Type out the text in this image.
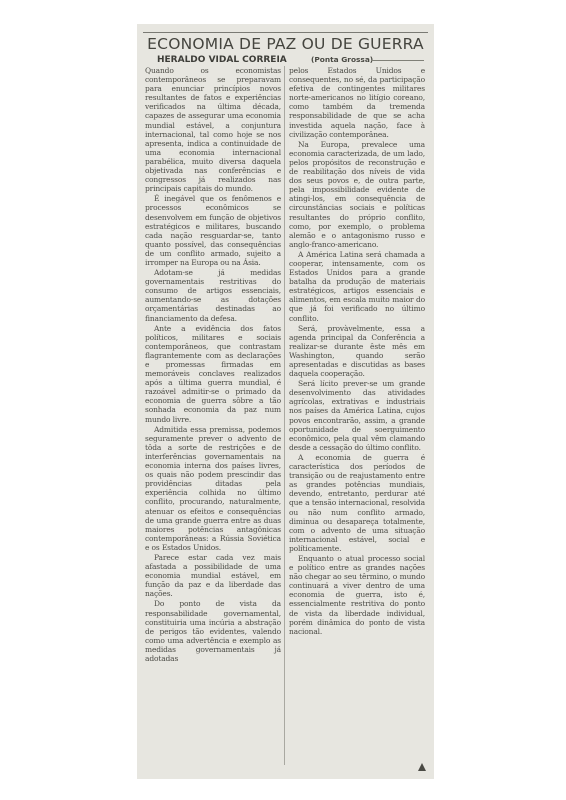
ECONOMIA DE PAZ OU DE GUERRA
HERALDO VIDAL CORREIA	(Ponta Grossa)

Quando os economistas contemporâneos se preparavam para enunciar princípios novos resultantes de fatos e experiências verificados na última década, capazes de assegurar uma economia mundial estável, a conjuntura internacional, tal como hoje se nos apresenta, indica a continuidade de uma economia internacional parabélica, muito diversa daquela objetivada nas conferências e congressos já realizados nas principais capitais do mundo.

É inegável que os fenômenos e processos econômicos se desenvolvem em função de objetivos estratégicos e militares, buscando cada nação resguardar-se, tanto quanto possível, das consequências de um conflito armado, sujeito a irromper na Europa ou na Ásia.

Adotam-se já medidas governamentais restritivas do consumo de artigos essenciais, aumentando-se as dotações orçamentárias destinadas ao financiamento da defesa.

Ante a evidência dos fatos políticos, militares e sociais contemporâneos, que contrastam flagrantemente com as declarações e promessas firmadas em memoráveis conclaves realizados após a última guerra mundial, é razoável admitir-se o primado da economia de guerra sôbre a tão sonhada economia da paz num mundo livre.

Admitida essa premissa, podemos seguramente prever o advento de tôda a sorte de restrições e de interferências governamentais na economia interna dos países livres, os quais não podem prescindir das providências ditadas pela experiência colhida no último conflito, procurando, naturalmente, atenuar os efeitos e consequências de uma grande guerra entre as duas maiores potências antagônicas contemporâneas: a Rússia Soviética e os Estados Unidos.

Parece estar cada vez mais afastada a possibilidade de uma economia mundial estável, em função da paz e da liberdade das nações.

Do ponto de vista da responsabilidade governamental, constituiria uma incúria a abstração de perigos tão evidentes, valendo como uma advertência e exemplo as medidas governamentais já adotadas

pelos Estados Unidos e consequentes, no sé, da participação efetiva de contingentes militares norte-americanos no litígio coreano, como também da tremenda responsabilidade de que se acha investida aquela nação, face à civilização contemporânea.

Na Europa, prevalece uma economia caracterizada, de um lado, pelos propósitos de reconstrução e de reabilitação dos níveis de vida dos seus povos e, de outra parte, pela impossibilidade evidente de atingi-los, em consequência de circunstâncias sociais e políticas resultantes do próprio conflito, como, por exemplo, o problema alemão e o antagonismo russo e anglo-franco-americano.

A América Latina será chamada a cooperar, intensamente, com os Estados Unidos para a grande batalha da produção de materiais estratégicos, artigos essenciais e alimentos, em escala muito maior do que já foi verificado no último conflito.

Será, provàvelmente, essa a agenda principal da Conferência a realizar-se durante êste mês em Washington, quando serão apresentadas e discutidas as bases daquela cooperação.

Será lícito prever-se um grande desenvolvimento das atividades agrícolas, extrativas e industriais nos países da América Latina, cujos povos encontrarão, assim, a grande oportunidade de soerguimento econômico, pela qual vêm clamando desde a cessação do último conflito.

A economia de guerra é característica dos períodos de transição ou de reajustamento entre as grandes potências mundiais, devendo, entretanto, perdurar até que a tensão internacional, resolvida ou não num conflito armado, diminua ou desapareça totalmente, com o advento de uma situação internacional estável, social e políticamente.

Enquanto o atual processo social e político entre as grandes nações não chegar ao seu têrmino, o mundo continuará a viver dentro de uma economia de guerra, isto é, essencialmente restritiva do ponto de vista da liberdade individual, porém dinâmica do ponto de vista nacional.
